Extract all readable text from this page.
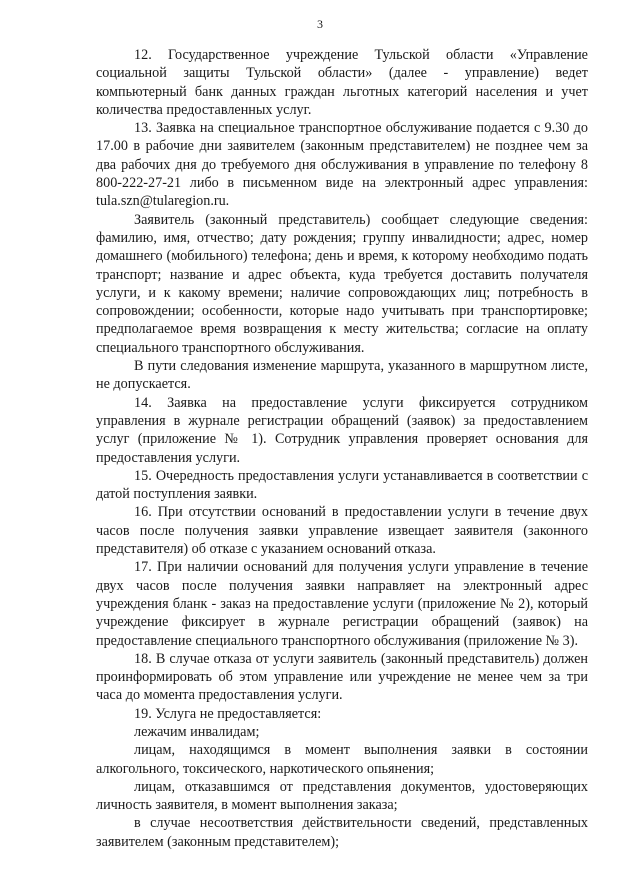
3

12. Государственное учреждение Тульской области «Управление социальной защиты Тульской области» (далее - управление) ведет компьютерный банк данных граждан льготных категорий населения и учет количества предоставленных услуг.

13. Заявка на специальное транспортное обслуживание подается с 9.30 до 17.00 в рабочие дни заявителем (законным представителем) не позднее чем за два рабочих дня до требуемого дня обслуживания в управление по телефону 8 800-222-27-21 либо в письменном виде на электронный адрес управления: tula.szn@tularegion.ru.

Заявитель (законный представитель) сообщает следующие сведения: фамилию, имя, отчество; дату рождения; группу инвалидности; адрес, номер домашнего (мобильного) телефона; день и время, к которому необходимо подать транспорт; название и адрес объекта, куда требуется доставить получателя услуги, и к какому времени; наличие сопровождающих лиц; потребность в сопровождении; особенности, которые надо учитывать при транспортировке; предполагаемое время возвращения к месту жительства; согласие на оплату специального транспортного обслуживания.

В пути следования изменение маршрута, указанного в маршрутном листе, не допускается.

14. Заявка на предоставление услуги фиксируется сотрудником управления в журнале регистрации обращений (заявок) за предоставлением услуг (приложение № 1). Сотрудник управления проверяет основания для предоставления услуги.

15. Очередность предоставления услуги устанавливается в соответствии с датой поступления заявки.

16. При отсутствии оснований в предоставлении услуги в течение двух часов после получения заявки управление извещает заявителя (законного представителя) об отказе с указанием оснований отказа.

17. При наличии оснований для получения услуги управление в течение двух часов после получения заявки направляет на электронный адрес учреждения бланк - заказ на предоставление услуги (приложение № 2), который учреждение фиксирует в журнале регистрации обращений (заявок) на предоставление специального транспортного обслуживания (приложение № 3).

18. В случае отказа от услуги заявитель (законный представитель) должен проинформировать об этом управление или учреждение не менее чем за три часа до момента предоставления услуги.

19. Услуга не предоставляется:

лежачим инвалидам;

лицам, находящимся в момент выполнения заявки в состоянии алкогольного, токсического, наркотического опьянения;

лицам, отказавшимся от представления документов, удостоверяющих личность заявителя, в момент выполнения заказа;

в случае несоответствия действительности сведений, представленных заявителем (законным представителем);
